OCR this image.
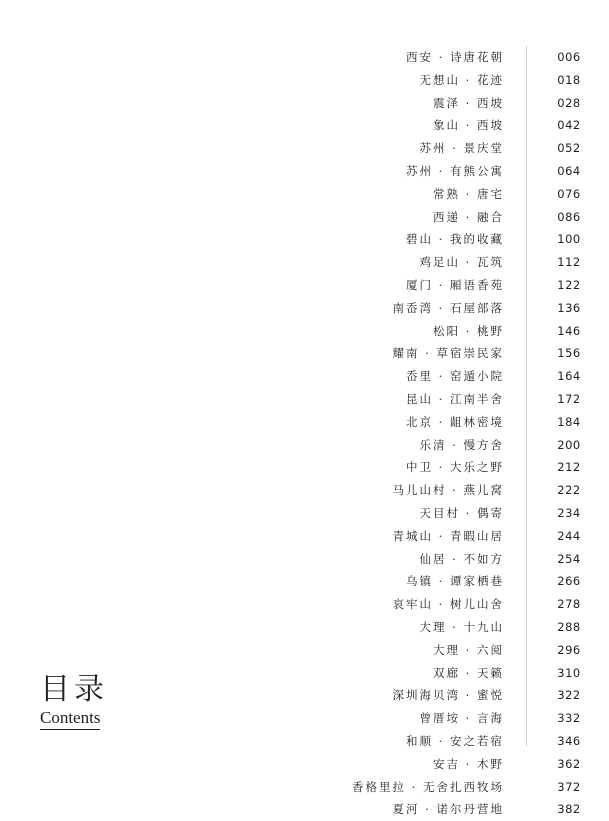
西安 · 诗唐花朝	006
无想山 · 花迹	018
震泽 · 西坡	028
象山 · 西坡	042
苏州 · 景庆堂	052
苏州 · 有熊公寓	064
常熟 · 唐宅	076
西递 · 融合	086
碧山 · 我的收藏	100
鸡足山 · 瓦筑	112
厦门 · 厢语香苑	122
南岙湾 · 石屋部落	136
松阳 · 桃野	146
耀南 · 草宿崇民家	156
岙里 · 窑遁小院	164
昆山 · 江南半舍	172
北京 · 龃林密境	184
乐清 · 慢方舍	200
中卫 · 大乐之野	212
马儿山村 · 燕儿窝	222
天目村 · 偶寄	234
青城山 · 青暇山居	244
仙居 · 不如方	254
乌镇 · 谭家栖巷	266
哀牢山 · 树儿山舍	278
大理 · 十九山	288
大理 · 六阅	296
双廊 · 天籁	310
深圳海贝湾 · 蜜悦	322
曾厝垵 · 言海	332
和顺 · 安之若宿	346
安吉 · 木野	362
香格里拉 · 无舍扎西牧场	372
夏河 · 诺尔丹营地	382
目录
Contents
